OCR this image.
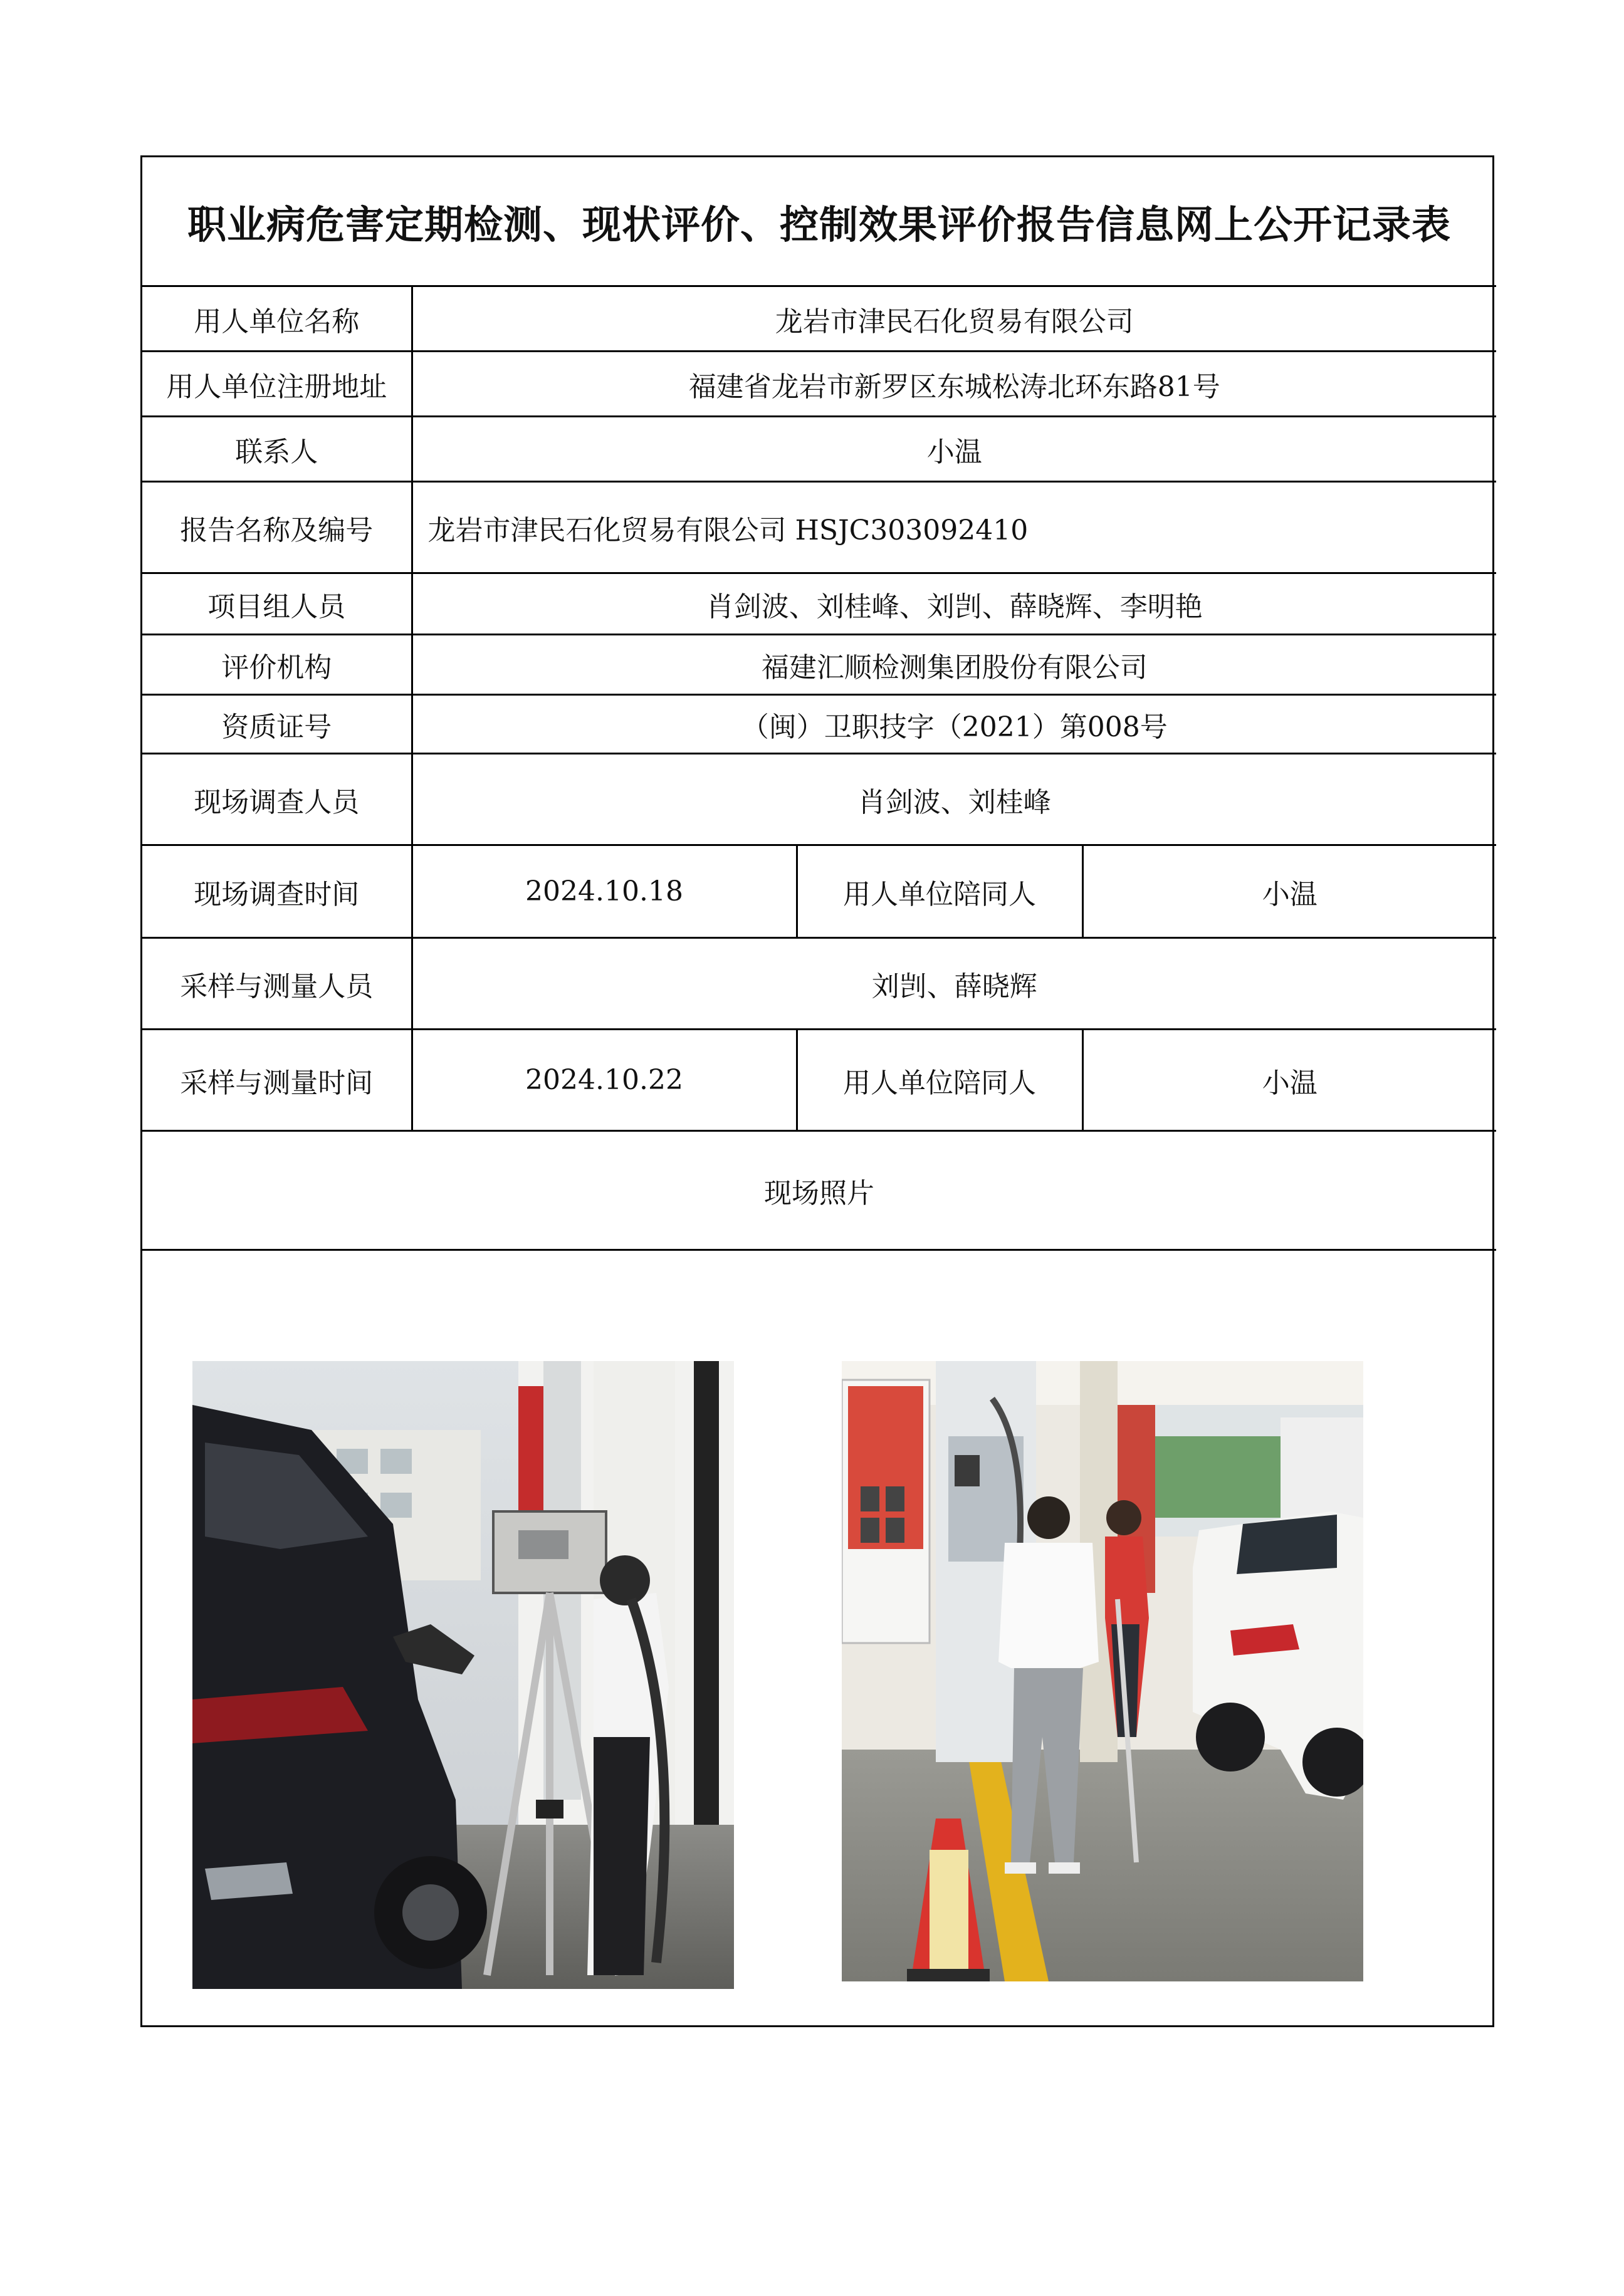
职业病危害定期检测、现状评价、控制效果评价报告信息网上公开记录表			
用人单位名称	龙岩市津民石化贸易有限公司		
用人单位注册地址	福建省龙岩市新罗区东城松涛北环东路81号		
联系人	小温		
报告名称及编号	龙岩市津民石化贸易有限公司 HSJC303092410		
项目组人员	肖剑波、刘桂峰、刘剀、薛晓辉、李明艳		
评价机构	福建汇顺检测集团股份有限公司		
资质证号	（闽）卫职技字（2021）第008号		
现场调查人员	肖剑波、刘桂峰		
现场调查时间	2024.10.18	用人单位陪同人	小温
采样与测量人员	刘剀、薛晓辉		
采样与测量时间	2024.10.22	用人单位陪同人	小温
现场照片			
